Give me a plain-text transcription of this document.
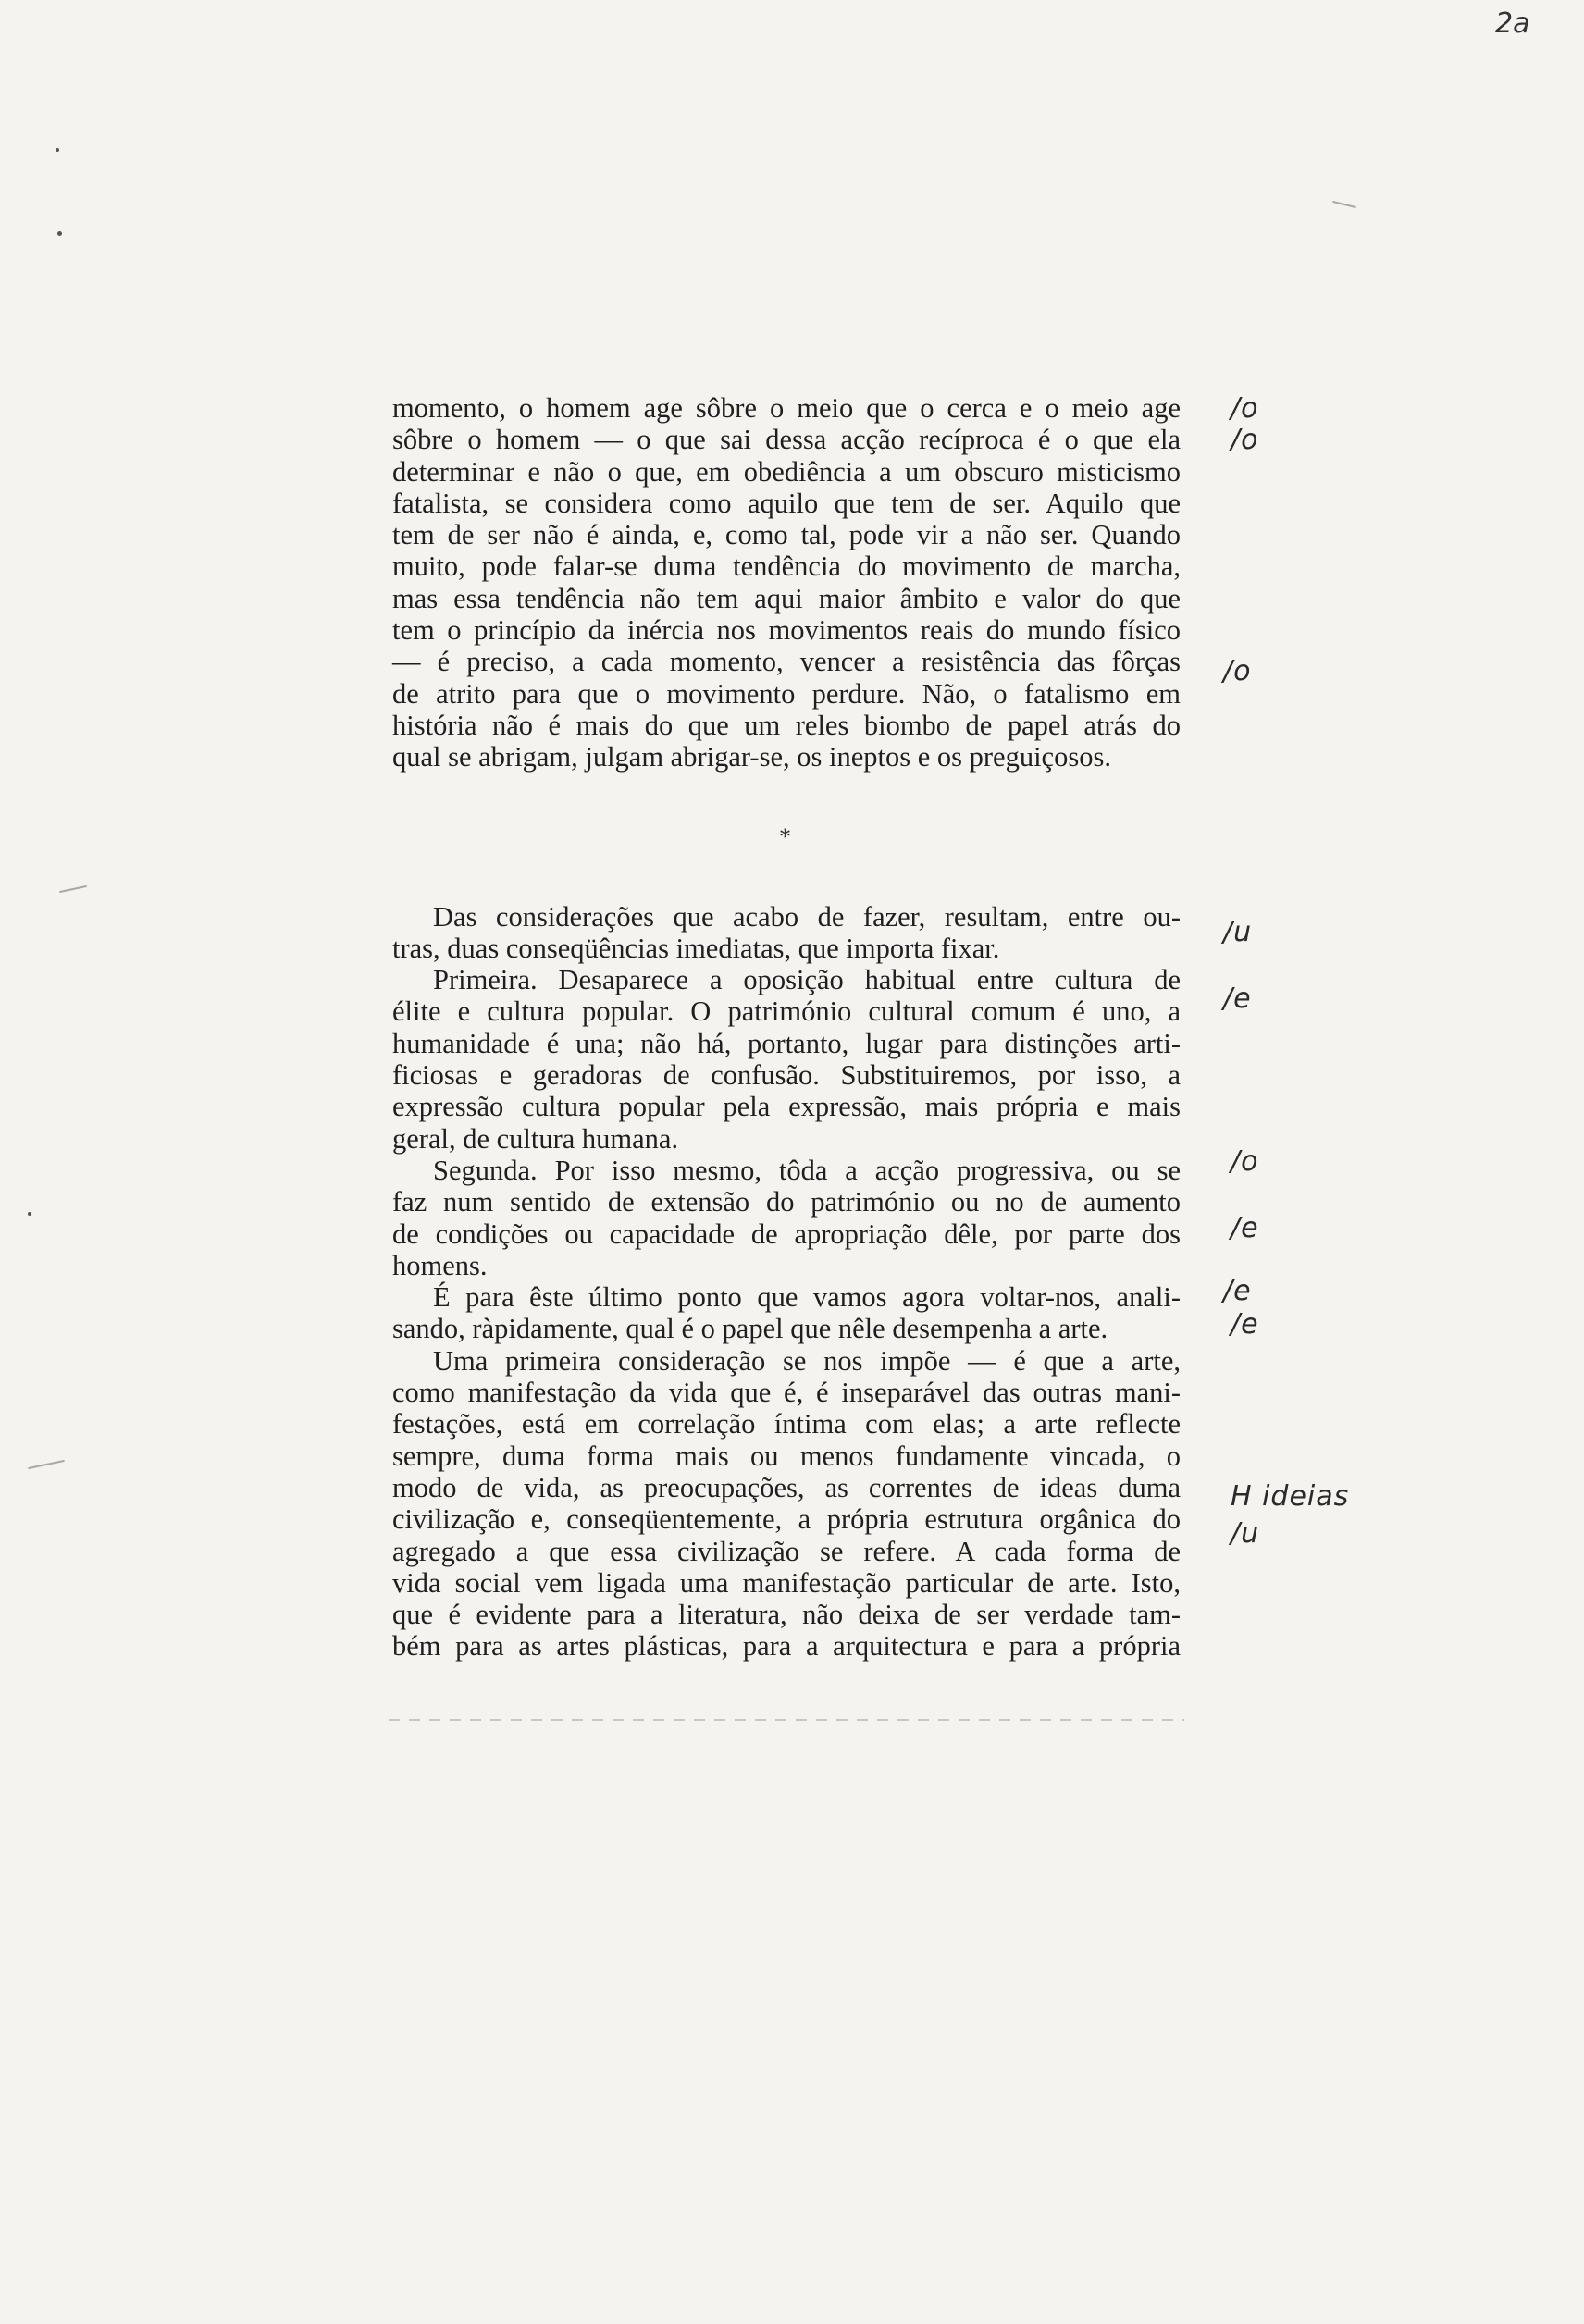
2a

momento, o homem age sôbre o meio que o cerca e o meio age

sôbre o homem — o que sai dessa acção recíproca é o que ela

determinar e não o que, em obediência a um obscuro misticismo

fatalista, se considera como aquilo que tem de ser. Aquilo que

tem de ser não é ainda, e, como tal, pode vir a não ser. Quando

muito, pode falar-se duma tendência do movimento de marcha,

mas essa tendência não tem aqui maior âmbito e valor do que

tem o princípio da inércia nos movimentos reais do mundo físico

— é preciso, a cada momento, vencer a resistência das fôrças

de atrito para que o movimento perdure. Não, o fatalismo em

história não é mais do que um reles biombo de papel atrás do

qual se abrigam, julgam abrigar-se, os ineptos e os preguiçosos.

Das considerações que acabo de fazer, resultam, entre ou-

tras, duas conseqüências imediatas, que importa fixar.

Primeira. Desaparece a oposição habitual entre cultura de

élite e cultura popular. O património cultural comum é uno, a

humanidade é una; não há, portanto, lugar para distinções arti-

ficiosas e geradoras de confusão. Substituiremos, por isso, a

expressão cultura popular pela expressão, mais própria e mais

geral, de cultura humana.

Segunda. Por isso mesmo, tôda a acção progressiva, ou se

faz num sentido de extensão do património ou no de aumento

de condições ou capacidade de apropriação dêle, por parte dos

homens.

É para êste último ponto que vamos agora voltar-nos, anali-

sando, ràpidamente, qual é o papel que nêle desempenha a arte.

Uma primeira consideração se nos impõe — é que a arte,

como manifestação da vida que é, é inseparável das outras mani-

festações, está em correlação íntima com elas; a arte reflecte

sempre, duma forma mais ou menos fundamente vincada, o

modo de vida, as preocupações, as correntes de ideas duma

civilização e, conseqüentemente, a própria estrutura orgânica do

agregado a que essa civilização se refere. A cada forma de

vida social vem ligada uma manifestação particular de arte. Isto,

que é evidente para a literatura, não deixa de ser verdade tam-

bém para as artes plásticas, para a arquitectura e para a própria

*
/o
/o
/o
/u
/e
/o
/e
/e
/e
H ideias
/u
